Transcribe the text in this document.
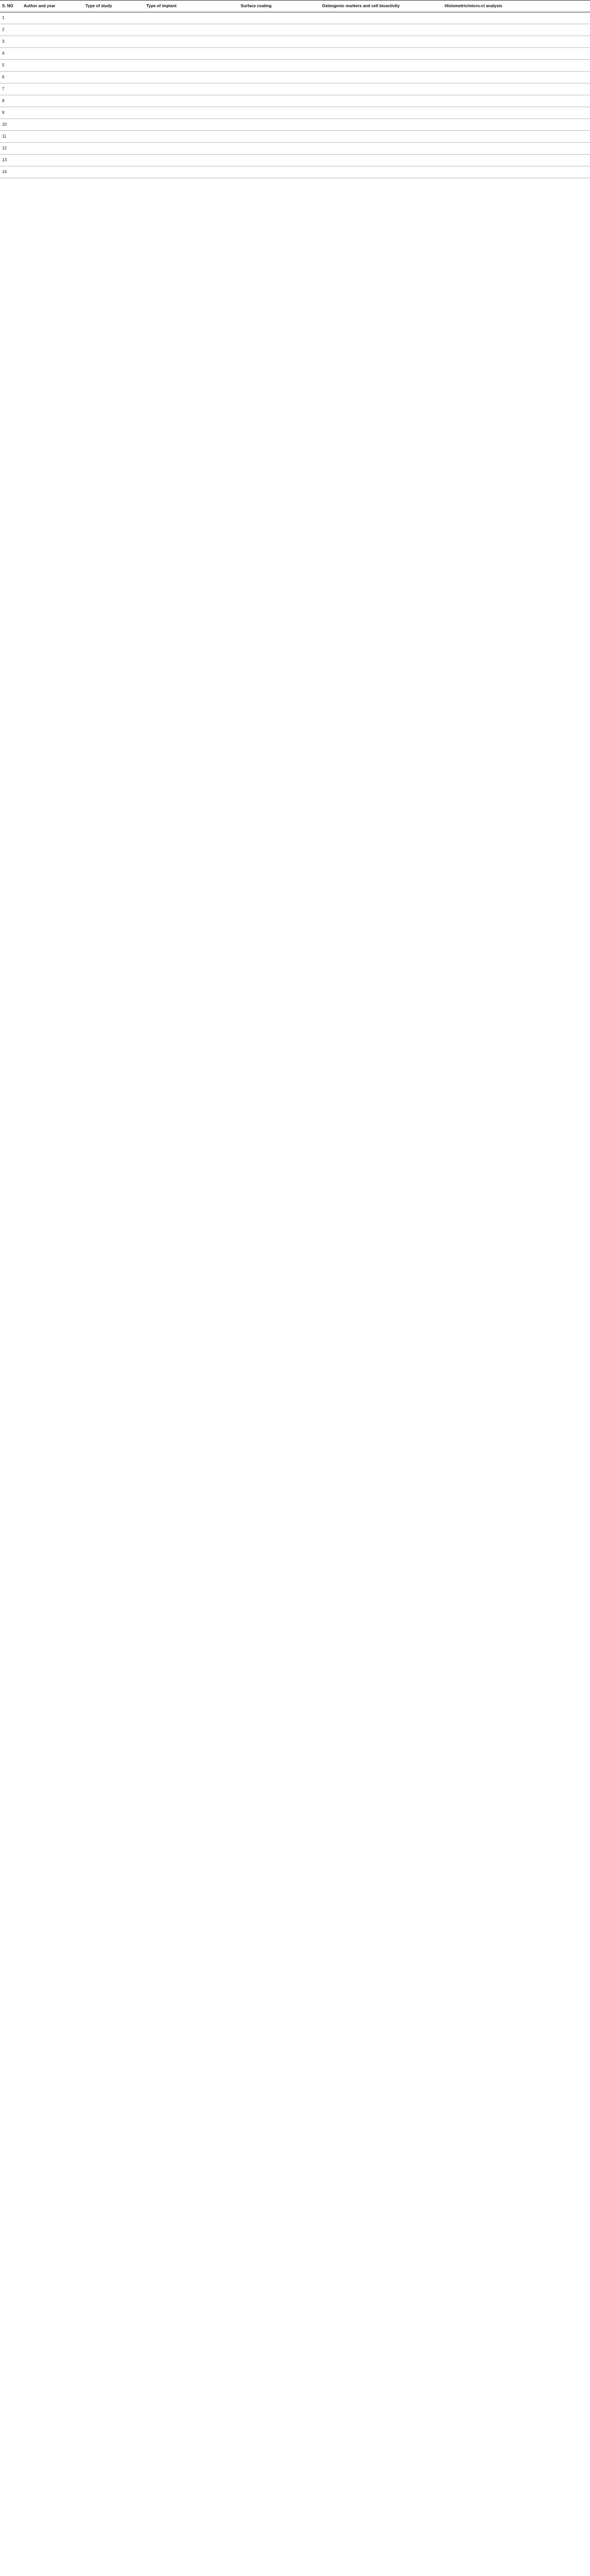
S. NO	Author and year	Type of study	Type of implant	Surface coating	Osteogenic markers and cell bioactivity	Histometric/micro-ct analysis
1						
2						
3						
4						
5						
6						
7						
8						
9						
10						
11						
12						
13						
14						
